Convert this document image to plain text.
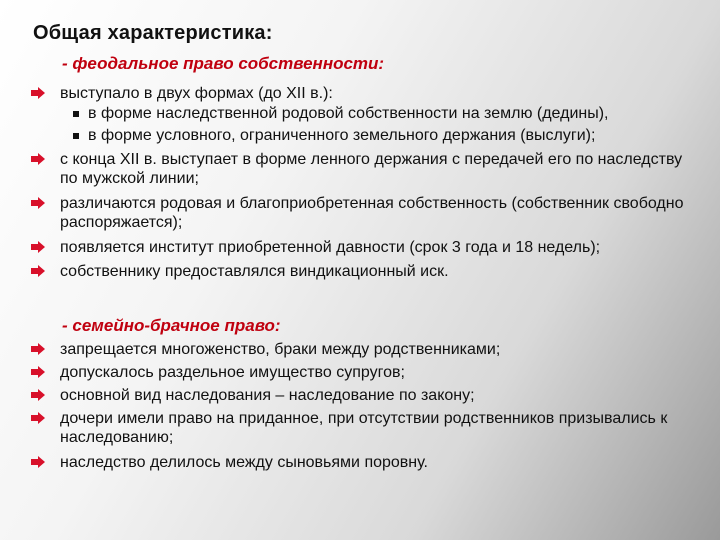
Общая характеристика:
- феодальное право собственности:
выступало в двух формах (до XII в.):
в форме наследственной родовой собственности на землю (дедины),
в форме условного, ограниченного земельного держания (выслуги);
с конца XII в. выступает в форме ленного держания с передачей его по наследству по мужской линии;
различаются родовая и благоприобретенная собственность (собственник свободно распоряжается);
появляется институт приобретенной давности (срок 3 года и 18 недель);
собственнику предоставлялся виндикационный иск.
- семейно-брачное право:
запрещается многоженство, браки между родственниками;
допускалось раздельное имущество супругов;
основной вид наследования – наследование по закону;
дочери имели право на приданное, при отсутствии родственников призывались к наследованию;
наследство делилось между сыновьями поровну.
